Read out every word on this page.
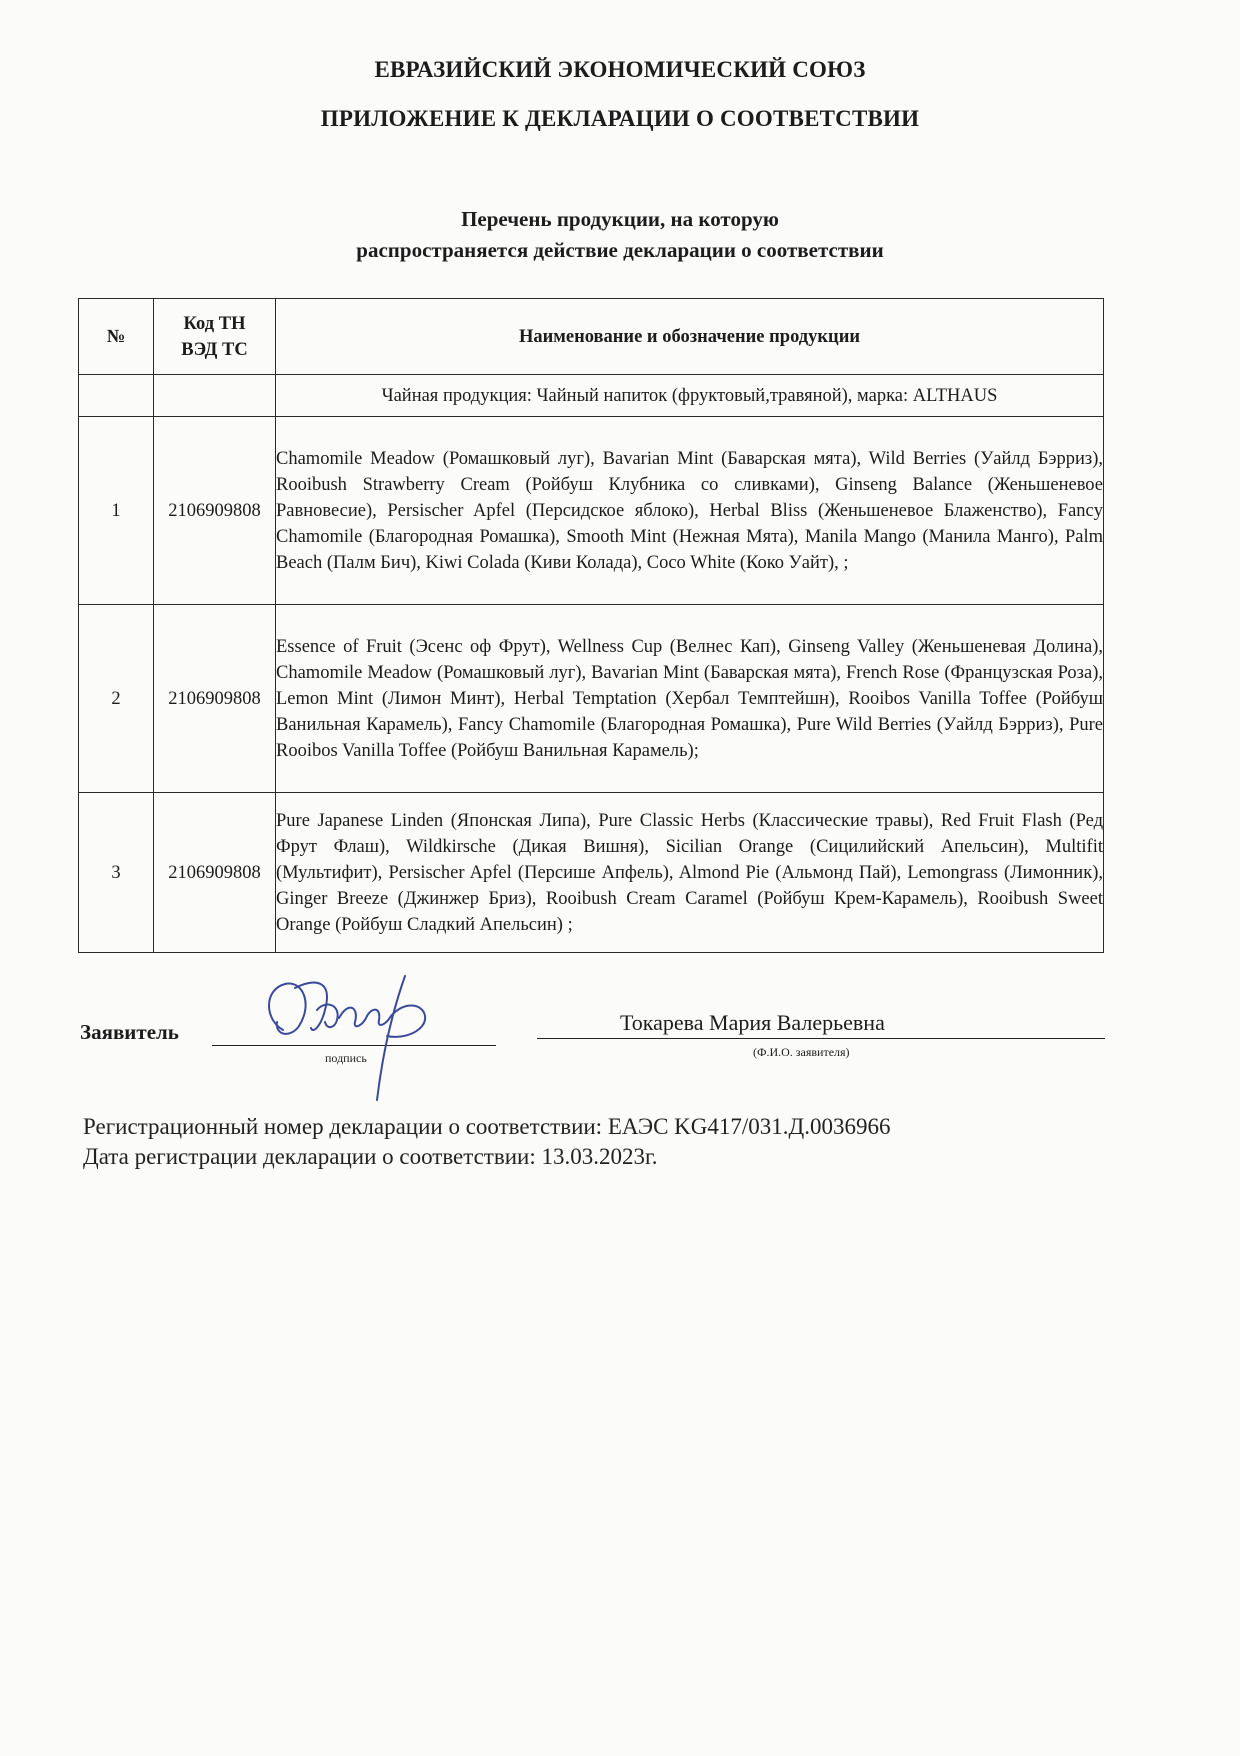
ЕВРАЗИЙСКИЙ ЭКОНОМИЧЕСКИЙ СОЮЗ
ПРИЛОЖЕНИЕ К ДЕКЛАРАЦИИ О СООТВЕТСТВИИ
Перечень продукции, на которую
распространяется действие декларации о соответствии
№	Код ТН ВЭД ТС	Наименование и обозначение продукции
		Чайная продукция: Чайный напиток (фруктовый,травяной), марка: ALTHAUS
1	2106909808	Chamomile Meadow (Ромашковый луг), Bavarian Mint (Баварская мята), Wild Berries (Уайлд Бэрриз), Rooibush Strawberry Cream (Ройбуш Клубника со сливками), Ginseng Balance (Женьшеневое Равновесие), Persischer Apfel (Персидское яблоко), Herbal Bliss (Женьшеневое Блаженство), Fancy Chamomile (Благородная Ромашка), Smooth Mint (Нежная Мята), Manila Mango (Манила Манго), Palm Beach (Палм Бич), Kiwi Colada (Киви Колада), Coco White (Коко Уайт), ;
2	2106909808	Essence of Fruit (Эсенс оф Фрут), Wellness Cup (Велнес Кап), Ginseng Valley (Женьшеневая Долина), Chamomile Meadow (Ромашковый луг), Bavarian Mint (Баварская мята), French Rose (Французская Роза), Lemon Mint (Лимон Минт), Herbal Temptation (Хербал Темптейшн), Rooibos Vanilla Toffee (Ройбуш Ванильная Карамель), Fancy Chamomile (Благородная Ромашка), Pure Wild Berries (Уайлд Бэрриз), Pure Rooibos Vanilla Toffee (Ройбуш Ванильная Карамель);
3	2106909808	Pure Japanese Linden (Японская Липа), Pure Classic Herbs (Классические травы), Red Fruit Flash (Ред Фрут Флаш), Wildkirsche (Дикая Вишня), Sicilian Orange (Сицилийский Апельсин), Multifit (Мультифит), Persischer Apfel (Персише Апфель), Almond Pie (Альмонд Пай), Lemongrass (Лимонник), Ginger Breeze (Джинжер Бриз), Rooibush Cream Caramel (Ройбуш Крем-Карамель), Rooibush Sweet Orange (Ройбуш Сладкий Апельсин) ;
Заявитель
подпись
Токарева Мария Валерьевна
(Ф.И.О. заявителя)
Регистрационный номер декларации о соответствии: ЕАЭС KG417/031.Д.0036966
Дата регистрации декларации о соответствии: 13.03.2023г.
